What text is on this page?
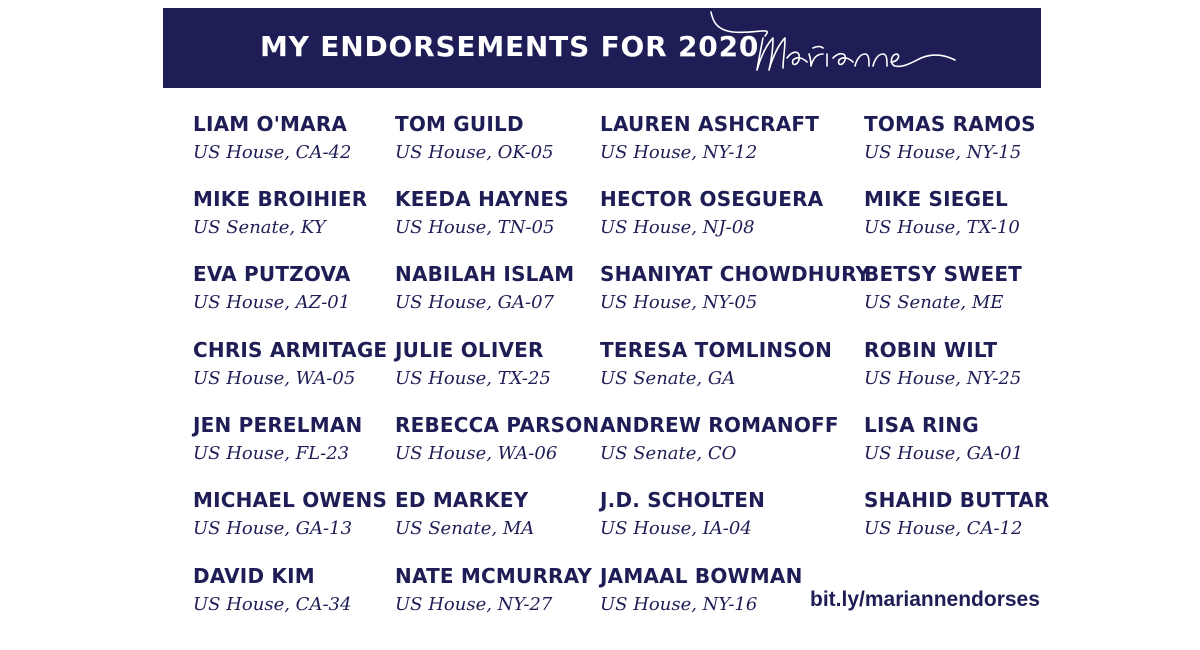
MY ENDORSEMENTS FOR 2020
LIAM O'MARA
US House, CA-42
MIKE BROIHIER
US Senate, KY
EVA PUTZOVA
US House, AZ-01
CHRIS ARMITAGE
US House, WA-05
JEN PERELMAN
US House, FL-23
MICHAEL OWENS
US House, GA-13
DAVID KIM
US House, CA-34
TOM GUILD
US House, OK-05
KEEDA HAYNES
US House, TN-05
NABILAH ISLAM
US House, GA-07
JULIE OLIVER
US House, TX-25
REBECCA PARSON
US House, WA-06
ED MARKEY
US Senate, MA
NATE MCMURRAY
US House, NY-27
LAUREN ASHCRAFT
US House, NY-12
HECTOR OSEGUERA
US House, NJ-08
SHANIYAT CHOWDHURY
US House, NY-05
TERESA TOMLINSON
US Senate, GA
ANDREW ROMANOFF
US Senate, CO
J.D. SCHOLTEN
US House, IA-04
JAMAAL BOWMAN
US House, NY-16
TOMAS RAMOS
US House, NY-15
MIKE SIEGEL
US House, TX-10
BETSY SWEET
US Senate, ME
ROBIN WILT
US House, NY-25
LISA RING
US House, GA-01
SHAHID BUTTAR
US House, CA-12
bit.ly/mariannendorses
